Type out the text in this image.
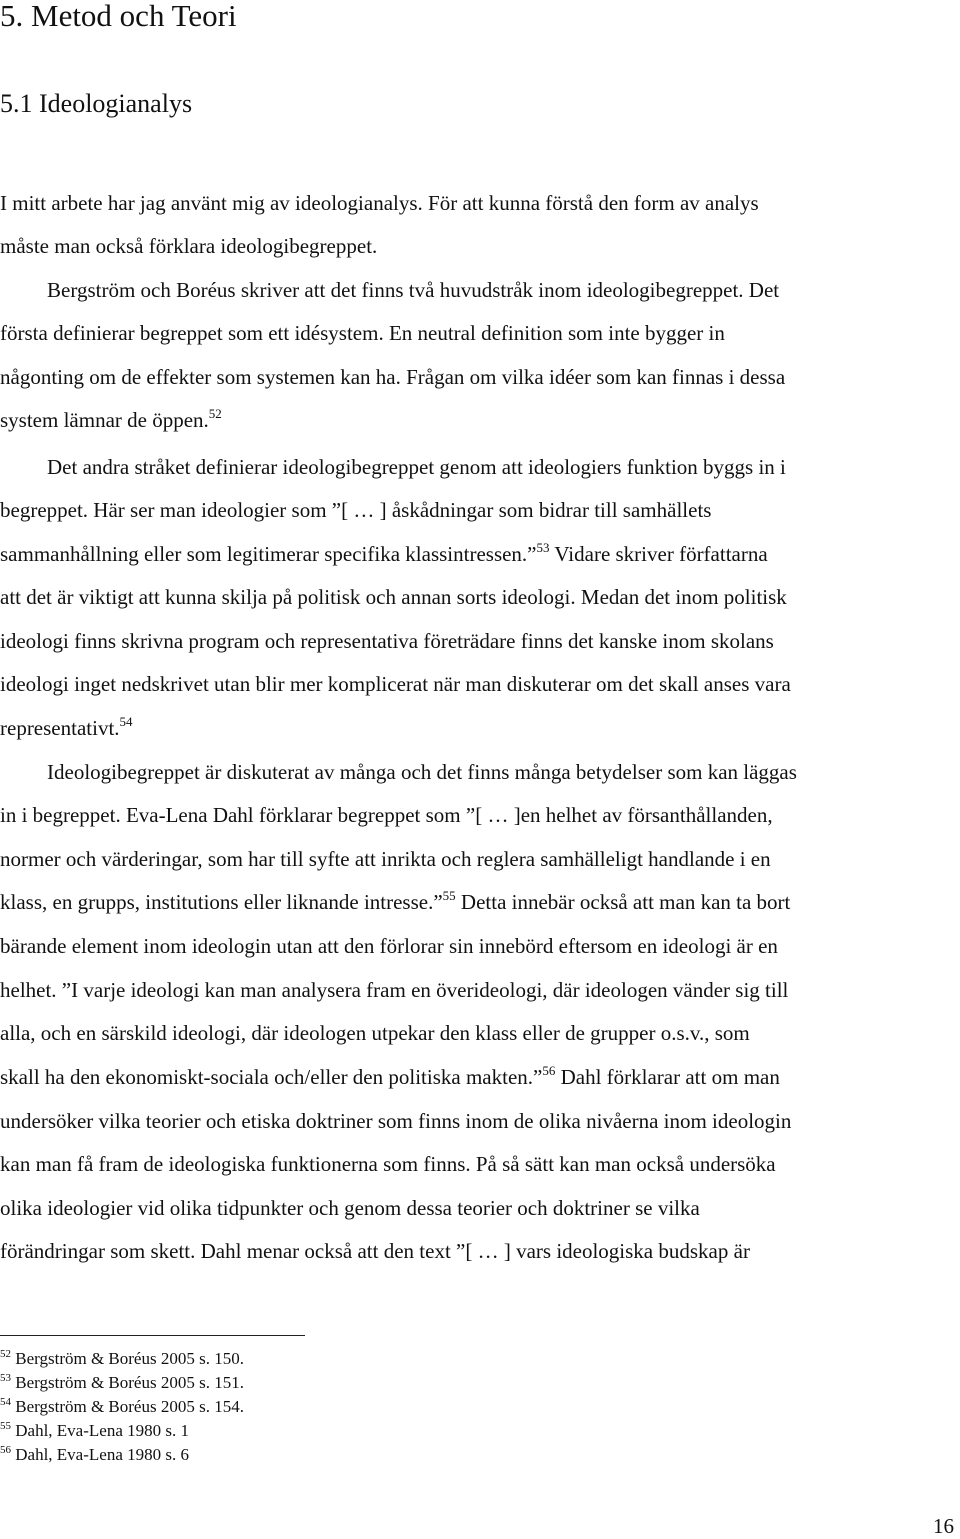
5. Metod och Teori
5.1 Ideologianalys

I mitt arbete har jag använt mig av ideologianalys. För att kunna förstå den form av analys

måste man också förklara ideologibegreppet.

Bergström och Boréus skriver att det finns två huvudstråk inom ideologibegreppet. Det

första definierar begreppet som ett idésystem. En neutral definition som inte bygger in

någonting om de effekter som systemen kan ha. Frågan om vilka idéer som kan finnas i dessa

system lämnar de öppen.$^{52}$

Det andra stråket definierar ideologibegreppet genom att ideologiers funktion byggs in i

begreppet. Här ser man ideologier som ”[ … ] åskådningar som bidrar till samhällets

sammanhållning eller som legitimerar specifika klassintressen.”$^{53}$ Vidare skriver författarna

att det är viktigt att kunna skilja på politisk och annan sorts ideologi. Medan det inom politisk

ideologi finns skrivna program och representativa företrädare finns det kanske inom skolans

ideologi inget nedskrivet utan blir mer komplicerat när man diskuterar om det skall anses vara

representativt.$^{54}$

Ideologibegreppet är diskuterat av många och det finns många betydelser som kan läggas

in i begreppet. Eva-Lena Dahl förklarar begreppet som ”[ … ]en helhet av försanthållanden,

normer och värderingar, som har till syfte att inrikta och reglera samhälleligt handlande i en

klass, en grupps, institutions eller liknande intresse.”$^{55}$ Detta innebär också att man kan ta bort

bärande element inom ideologin utan att den förlorar sin innebörd eftersom en ideologi är en

helhet. ”I varje ideologi kan man analysera fram en överideologi, där ideologen vänder sig till

alla, och en särskild ideologi, där ideologen utpekar den klass eller de grupper o.s.v., som

skall ha den ekonomiskt-sociala och/eller den politiska makten.”$^{56}$ Dahl förklarar att om man

undersöker vilka teorier och etiska doktriner som finns inom de olika nivåerna inom ideologin

kan man få fram de ideologiska funktionerna som finns. På så sätt kan man också undersöka

olika ideologier vid olika tidpunkter och genom dessa teorier och doktriner se vilka

förändringar som skett. Dahl menar också att den text ”[ … ] vars ideologiska budskap är

$^{52}$ Bergström & Boréus 2005 s. 150.

$^{53}$ Bergström & Boréus 2005 s. 151.

$^{54}$ Bergström & Boréus 2005 s. 154.

$^{55}$ Dahl, Eva-Lena 1980 s. 1

$^{56}$ Dahl, Eva-Lena 1980 s. 6

16
